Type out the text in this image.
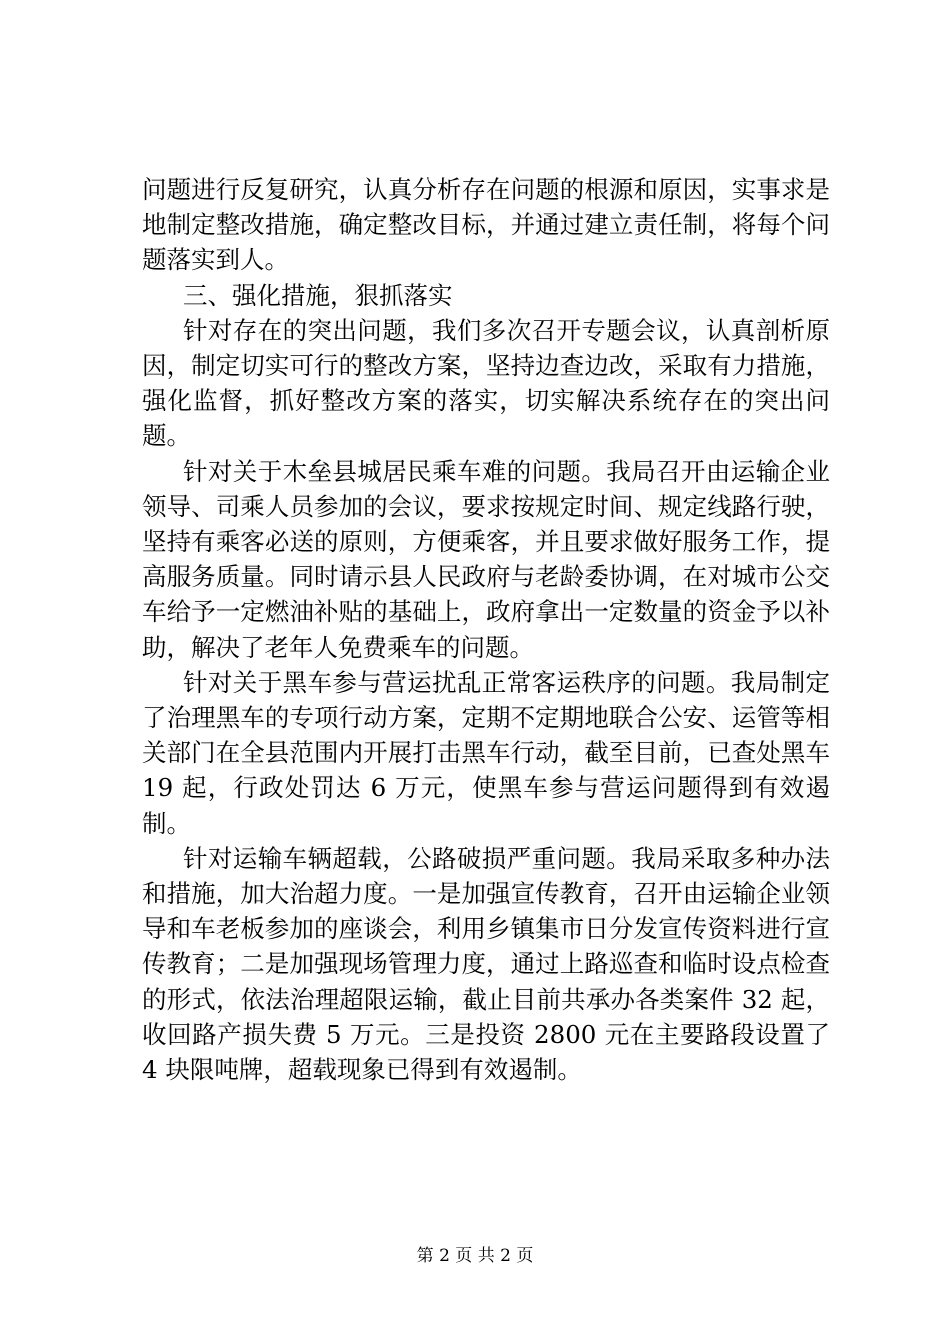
问题进行反复研究，认真分析存在问题的根源和原因，实事求是地制定整改措施，确定整改目标，并通过建立责任制，将每个问题落实到人。

三、强化措施，狠抓落实

针对存在的突出问题，我们多次召开专题会议，认真剖析原因，制定切实可行的整改方案，坚持边查边改，采取有力措施，强化监督，抓好整改方案的落实，切实解决系统存在的突出问题。

针对关于木垒县城居民乘车难的问题。我局召开由运输企业领导、司乘人员参加的会议，要求按规定时间、规定线路行驶，坚持有乘客必送的原则，方便乘客，并且要求做好服务工作，提高服务质量。同时请示县人民政府与老龄委协调，在对城市公交车给予一定燃油补贴的基础上，政府拿出一定数量的资金予以补助，解决了老年人免费乘车的问题。

针对关于黑车参与营运扰乱正常客运秩序的问题。我局制定了治理黑车的专项行动方案，定期不定期地联合公安、运管等相关部门在全县范围内开展打击黑车行动，截至目前，已查处黑车 19 起，行政处罚达 6 万元，使黑车参与营运问题得到有效遏制。

针对运输车辆超载，公路破损严重问题。我局采取多种办法和措施，加大治超力度。一是加强宣传教育，召开由运输企业领导和车老板参加的座谈会，利用乡镇集市日分发宣传资料进行宣传教育；二是加强现场管理力度，通过上路巡查和临时设点检查的形式，依法治理超限运输，截止目前共承办各类案件 32 起，收回路产损失费 5 万元。三是投资 2800 元在主要路段设置了 4 块限吨牌，超载现象已得到有效遏制。

第 2 页 共 2 页
